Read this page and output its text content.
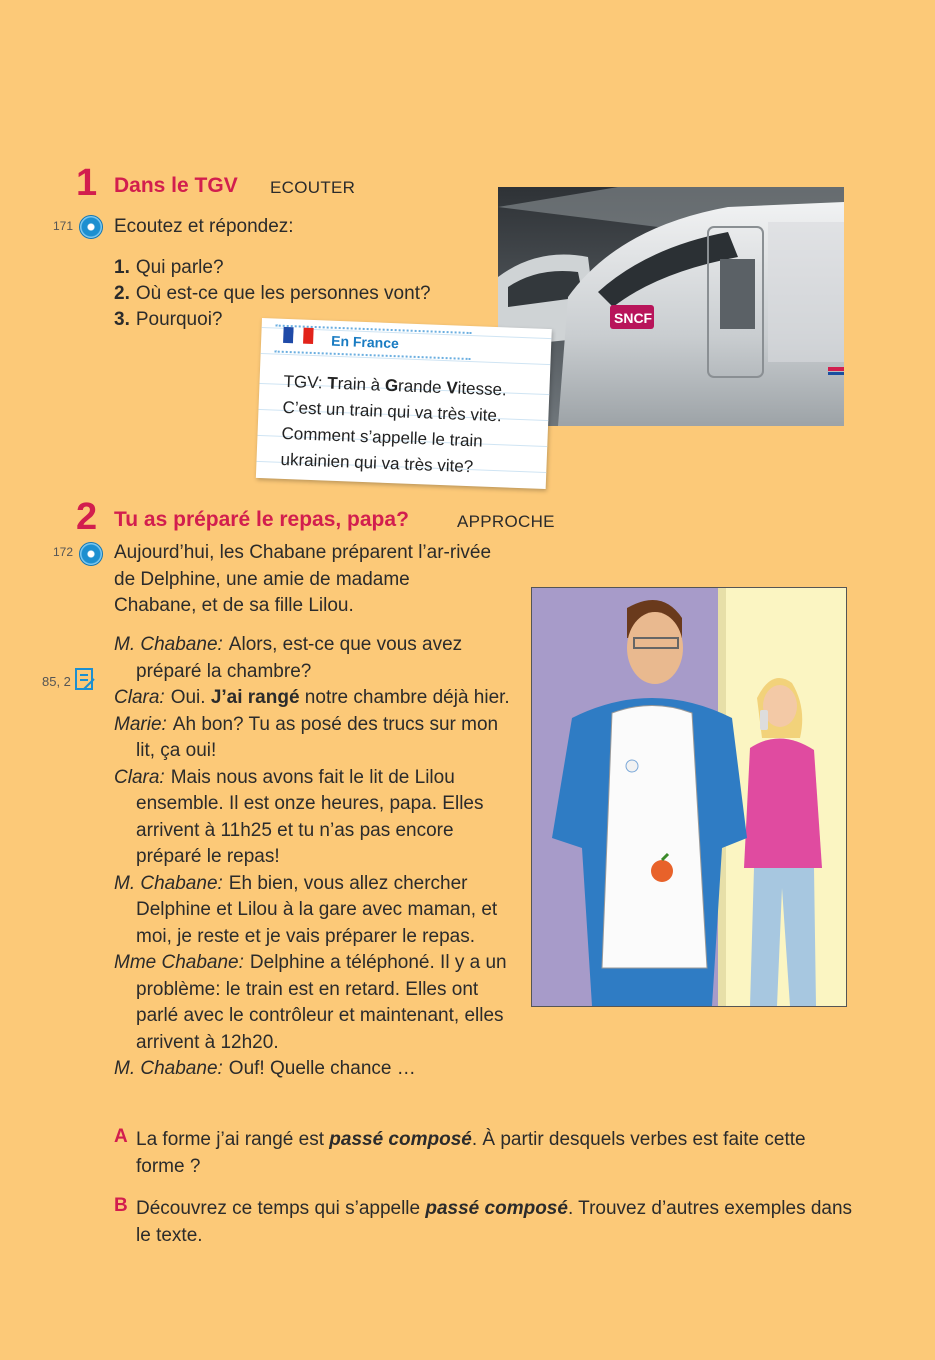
1 Dans le TGV ECOUTER
171 Ecoutez et répondez:
1. Qui parle?
2. Où est-ce que les personnes vont?
3. Pourquoi?	SNCF
En France
TGV: Train à Grande Vitesse.
C’est un train qui va très vite.
Comment s’appelle le train
ukrainien qui va très vite?
2 Tu as préparé le repas, papa?	APPROCHE
172 Aujourd’hui, les Chabane préparent l’ar-rivée de Delphine, une amie de madame Chabane, et de sa fille Lilou.
85, 2

M. Chabane: Alors, est-ce que vous avez préparé la chambre?

Clara: Oui. J’ai rangé notre chambre déjà hier.

Marie: Ah bon? Tu as posé des trucs sur mon lit, ça oui!

Clara: Mais nous avons fait le lit de Lilou ensemble. Il est onze heures, papa. Elles arrivent à 11h25 et tu n’as pas encore préparé le repas!

M. Chabane: Eh bien, vous allez chercher Delphine et Lilou à la gare avec maman, et moi, je reste et je vais préparer le repas.

Mme Chabane: Delphine a téléphoné. Il y a un problème: le train est en retard. Elles ont parlé avec le contrôleur et maintenant, elles arrivent à 12h20.

M. Chabane: Ouf! Quelle chance …

A La forme j’ai rangé est passé composé. À partir desquels verbes est faite cette forme ?
B Découvrez ce temps qui s’appelle passé composé. Trouvez d’autres exemples dans le texte.
